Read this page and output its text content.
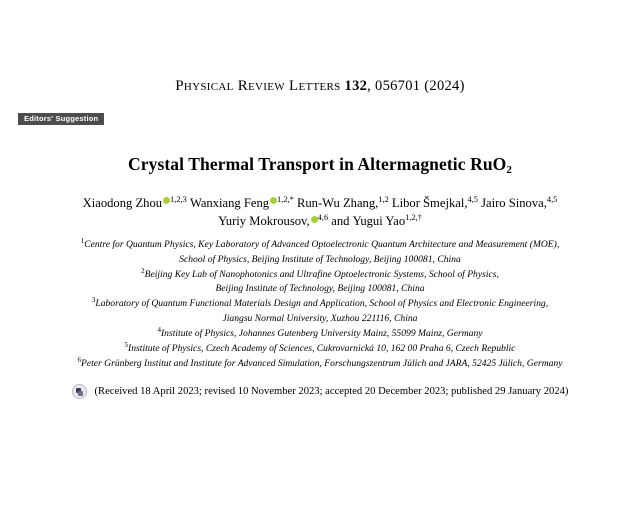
Physical Review Letters 132, 056701 (2024)
Editors' Suggestion
Crystal Thermal Transport in Altermagnetic RuO$_2$
Xiaodong Zhou $^{1,2,3}$ Wanxiang Feng $^{1,2,*}$ Run-Wu Zhang,$^{1,2}$ Libor Šmejkal,$^{4,5}$ Jairo Sinova,$^{4,5}$
Yuriy Mokrousov, $^{4,6}$ and Yugui Yao$^{1,2,\dagger}$
$^1$Centre for Quantum Physics, Key Laboratory of Advanced Optoelectronic Quantum Architecture and Measurement (MOE),
School of Physics, Beijing Institute of Technology, Beijing 100081, China
$^2$Beijing Key Lab of Nanophotonics and Ultrafine Optoelectronic Systems, School of Physics,
Beijing Institute of Technology, Beijing 100081, China
$^3$Laboratory of Quantum Functional Materials Design and Application, School of Physics and Electronic Engineering,
Jiangsu Normal University, Xuzhou 221116, China
$^4$Institute of Physics, Johannes Gutenberg University Mainz, 55099 Mainz, Germany
$^5$Institute of Physics, Czech Academy of Sciences, Cukrovarnická 10, 162 00 Praha 6, Czech Republic
$^6$Peter Grünberg Institut and Institute for Advanced Simulation, Forschungszentrum Jülich and JARA, 52425 Jülich, Germany
(Received 18 April 2023; revised 10 November 2023; accepted 20 December 2023; published 29 January 2024)
